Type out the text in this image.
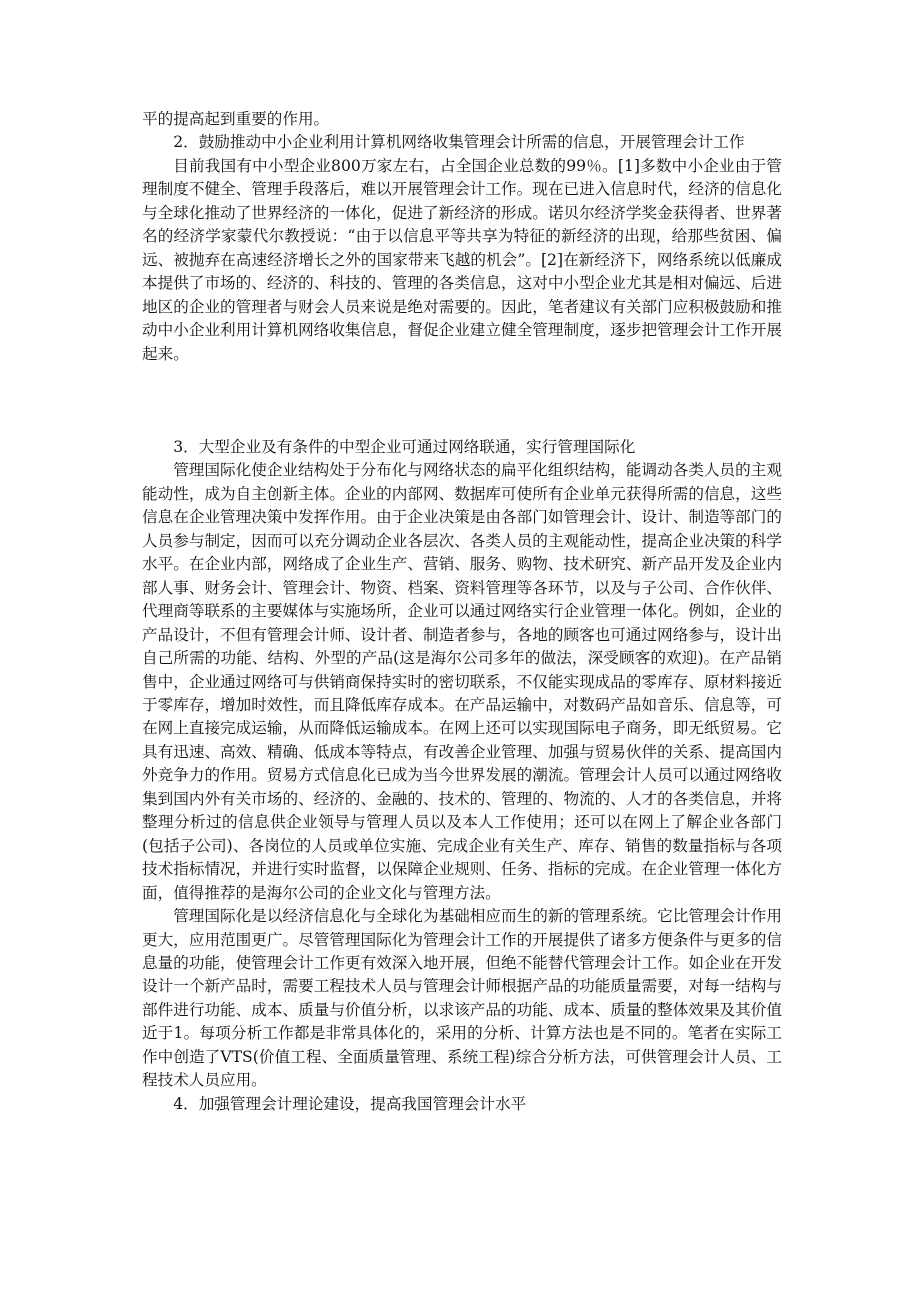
平的提高起到重要的作用。

2．鼓励推动中小企业利用计算机网络收集管理会计所需的信息，开展管理会计工作

目前我国有中小型企业800万家左右，占全国企业总数的99％。[1]多数中小企业由于管理制度不健全、管理手段落后，难以开展管理会计工作。现在已进入信息时代，经济的信息化与全球化推动了世界经济的一体化，促进了新经济的形成。诺贝尔经济学奖金获得者、世界著名的经济学家蒙代尔教授说：“由于以信息平等共享为特征的新经济的出现，给那些贫困、偏远、被抛弃在高速经济增长之外的国家带来飞越的机会”。[2]在新经济下，网络系统以低廉成本提供了市场的、经济的、科技的、管理的各类信息，这对中小型企业尤其是相对偏远、后进地区的企业的管理者与财会人员来说是绝对需要的。因此，笔者建议有关部门应积极鼓励和推动中小企业利用计算机网络收集信息，督促企业建立健全管理制度，逐步把管理会计工作开展起来。

3．大型企业及有条件的中型企业可通过网络联通，实行管理国际化

管理国际化使企业结构处于分布化与网络状态的扁平化组织结构，能调动各类人员的主观能动性，成为自主创新主体。企业的内部网、数据库可使所有企业单元获得所需的信息，这些信息在企业管理决策中发挥作用。由于企业决策是由各部门如管理会计、设计、制造等部门的人员参与制定，因而可以充分调动企业各层次、各类人员的主观能动性，提高企业决策的科学水平。在企业内部，网络成了企业生产、营销、服务、购物、技术研究、新产品开发及企业内部人事、财务会计、管理会计、物资、档案、资料管理等各环节，以及与子公司、合作伙伴、代理商等联系的主要媒体与实施场所，企业可以通过网络实行企业管理一体化。例如，企业的产品设计，不但有管理会计师、设计者、制造者参与，各地的顾客也可通过网络参与，设计出自己所需的功能、结构、外型的产品(这是海尔公司多年的做法，深受顾客的欢迎)。在产品销售中，企业通过网络可与供销商保持实时的密切联系，不仅能实现成品的零库存、原材料接近于零库存，增加时效性，而且降低库存成本。在产品运输中，对数码产品如音乐、信息等，可在网上直接完成运输，从而降低运输成本。在网上还可以实现国际电子商务，即无纸贸易。它具有迅速、高效、精确、低成本等特点，有改善企业管理、加强与贸易伙伴的关系、提高国内外竞争力的作用。贸易方式信息化已成为当今世界发展的潮流。管理会计人员可以通过网络收集到国内外有关市场的、经济的、金融的、技术的、管理的、物流的、人才的各类信息，并将整理分析过的信息供企业领导与管理人员以及本人工作使用；还可以在网上了解企业各部门(包括子公司)、各岗位的人员或单位实施、完成企业有关生产、库存、销售的数量指标与各项技术指标情况，并进行实时监督，以保障企业规则、任务、指标的完成。在企业管理一体化方面，值得推荐的是海尔公司的企业文化与管理方法。

管理国际化是以经济信息化与全球化为基础相应而生的新的管理系统。它比管理会计作用更大，应用范围更广。尽管管理国际化为管理会计工作的开展提供了诸多方便条件与更多的信息量的功能，使管理会计工作更有效深入地开展，但绝不能替代管理会计工作。如企业在开发设计一个新产品时，需要工程技术人员与管理会计师根据产品的功能质量需要，对每一结构与部件进行功能、成本、质量与价值分析，以求该产品的功能、成本、质量的整体效果及其价值近于1。每项分析工作都是非常具体化的，采用的分析、计算方法也是不同的。笔者在实际工作中创造了VTS(价值工程、全面质量管理、系统工程)综合分析方法，可供管理会计人员、工程技术人员应用。

4．加强管理会计理论建设，提高我国管理会计水平
